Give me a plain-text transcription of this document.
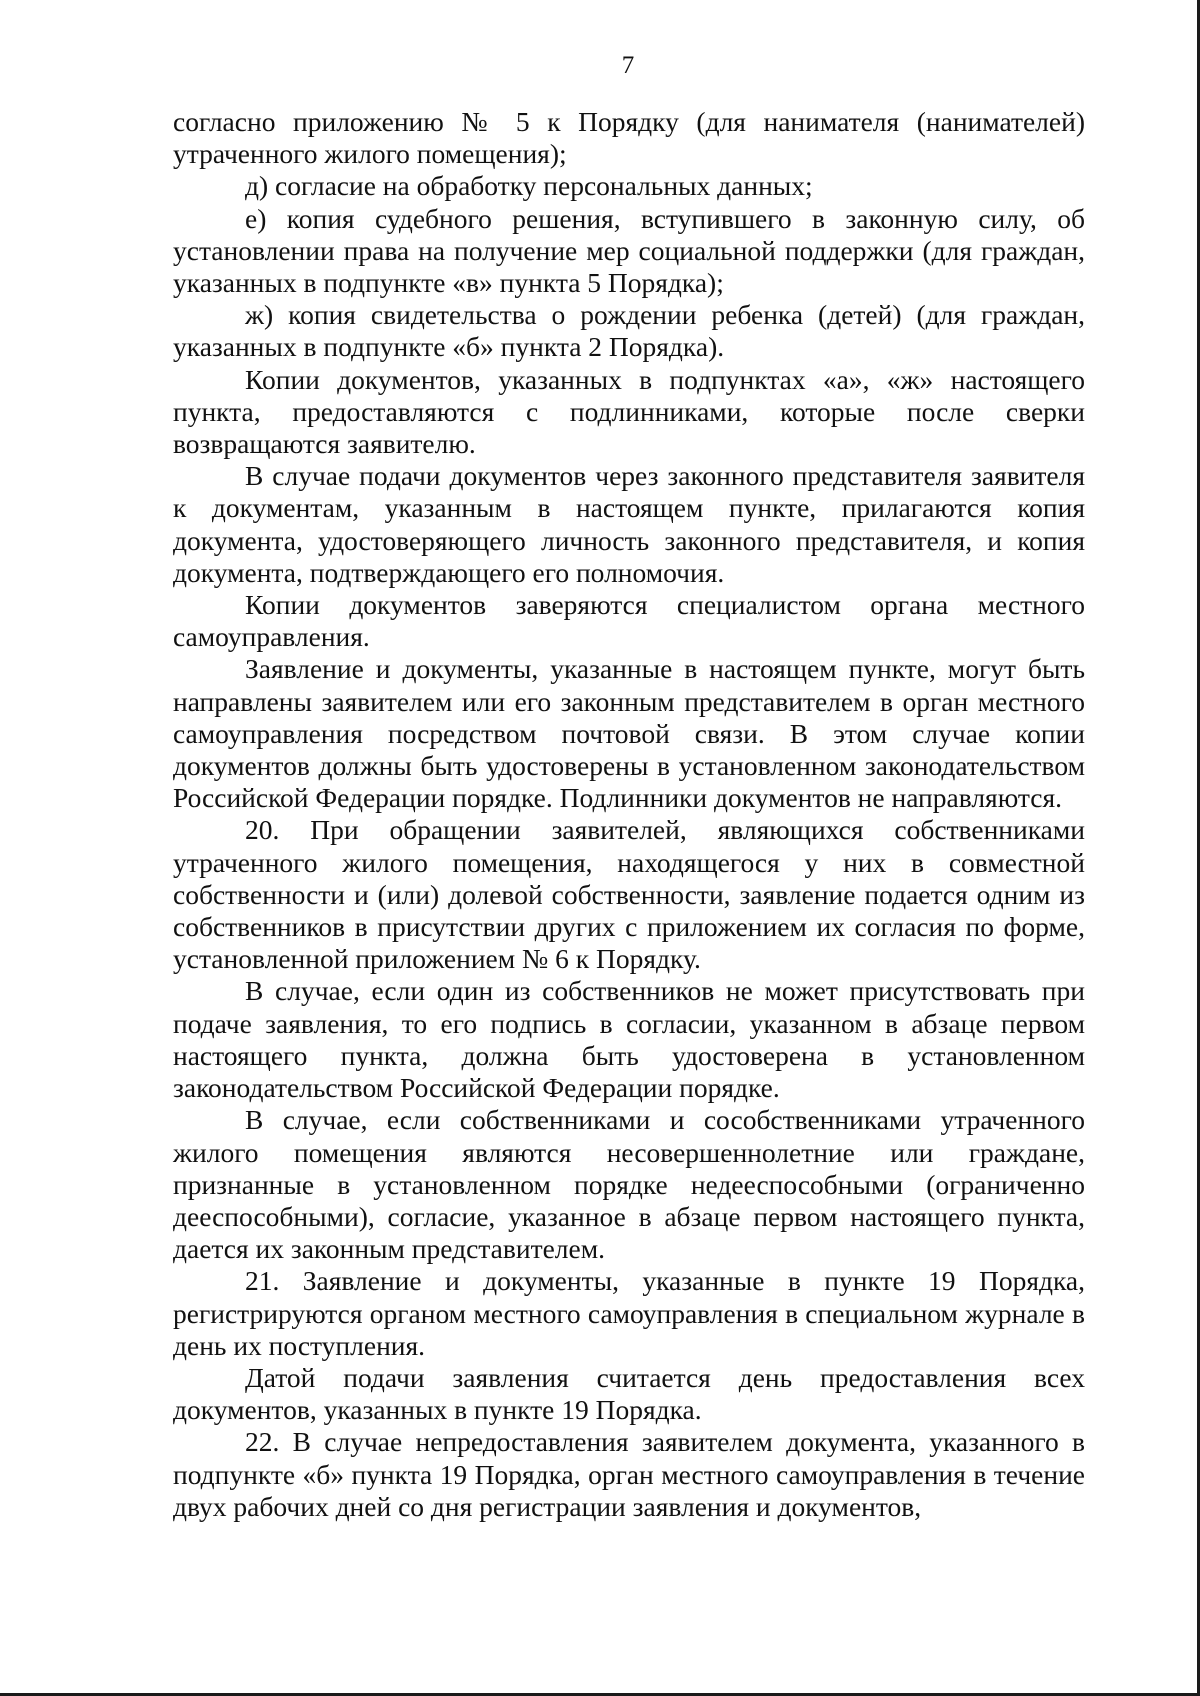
7

согласно приложению № 5 к Порядку (для нанимателя (нанимателей) утраченного жилого помещения);

д) согласие на обработку персональных данных;

е) копия судебного решения, вступившего в законную силу, об установлении права на получение мер социальной поддержки (для граждан, указанных в подпункте «в» пункта 5 Порядка);

ж) копия свидетельства о рождении ребенка (детей) (для граждан, указанных в подпункте «б» пункта 2 Порядка).

Копии документов, указанных в подпунктах «а», «ж» настоящего пункта, предоставляются с подлинниками, которые после сверки возвращаются заявителю.

В случае подачи документов через законного представителя заявителя к документам, указанным в настоящем пункте, прилагаются копия документа, удостоверяющего личность законного представителя, и копия документа, подтверждающего его полномочия.

Копии документов заверяются специалистом органа местного самоуправления.

Заявление и документы, указанные в настоящем пункте, могут быть направлены заявителем или его законным представителем в орган местного самоуправления посредством почтовой связи. В этом случае копии документов должны быть удостоверены в установленном законодательством Российской Федерации порядке. Подлинники документов не направляются.

20. При обращении заявителей, являющихся собственниками утраченного жилого помещения, находящегося у них в совместной собственности и (или) долевой собственности, заявление подается одним из собственников в присутствии других с приложением их согласия по форме, установленной приложением № 6 к Порядку.

В случае, если один из собственников не может присутствовать при подаче заявления, то его подпись в согласии, указанном в абзаце первом настоящего пункта, должна быть удостоверена в установленном законодательством Российской Федерации порядке.

В случае, если собственниками и сособственниками утраченного жилого помещения являются несовершеннолетние или граждане, признанные в установленном порядке недееспособными (ограниченно дееспособными), согласие, указанное в абзаце первом настоящего пункта, дается их законным представителем.

21. Заявление и документы, указанные в пункте 19 Порядка, регистрируются органом местного самоуправления в специальном журнале в день их поступления.

Датой подачи заявления считается день предоставления всех документов, указанных в пункте 19 Порядка.

22. В случае непредоставления заявителем документа, указанного в подпункте «б» пункта 19 Порядка, орган местного самоуправления в течение двух рабочих дней со дня регистрации заявления и документов,
